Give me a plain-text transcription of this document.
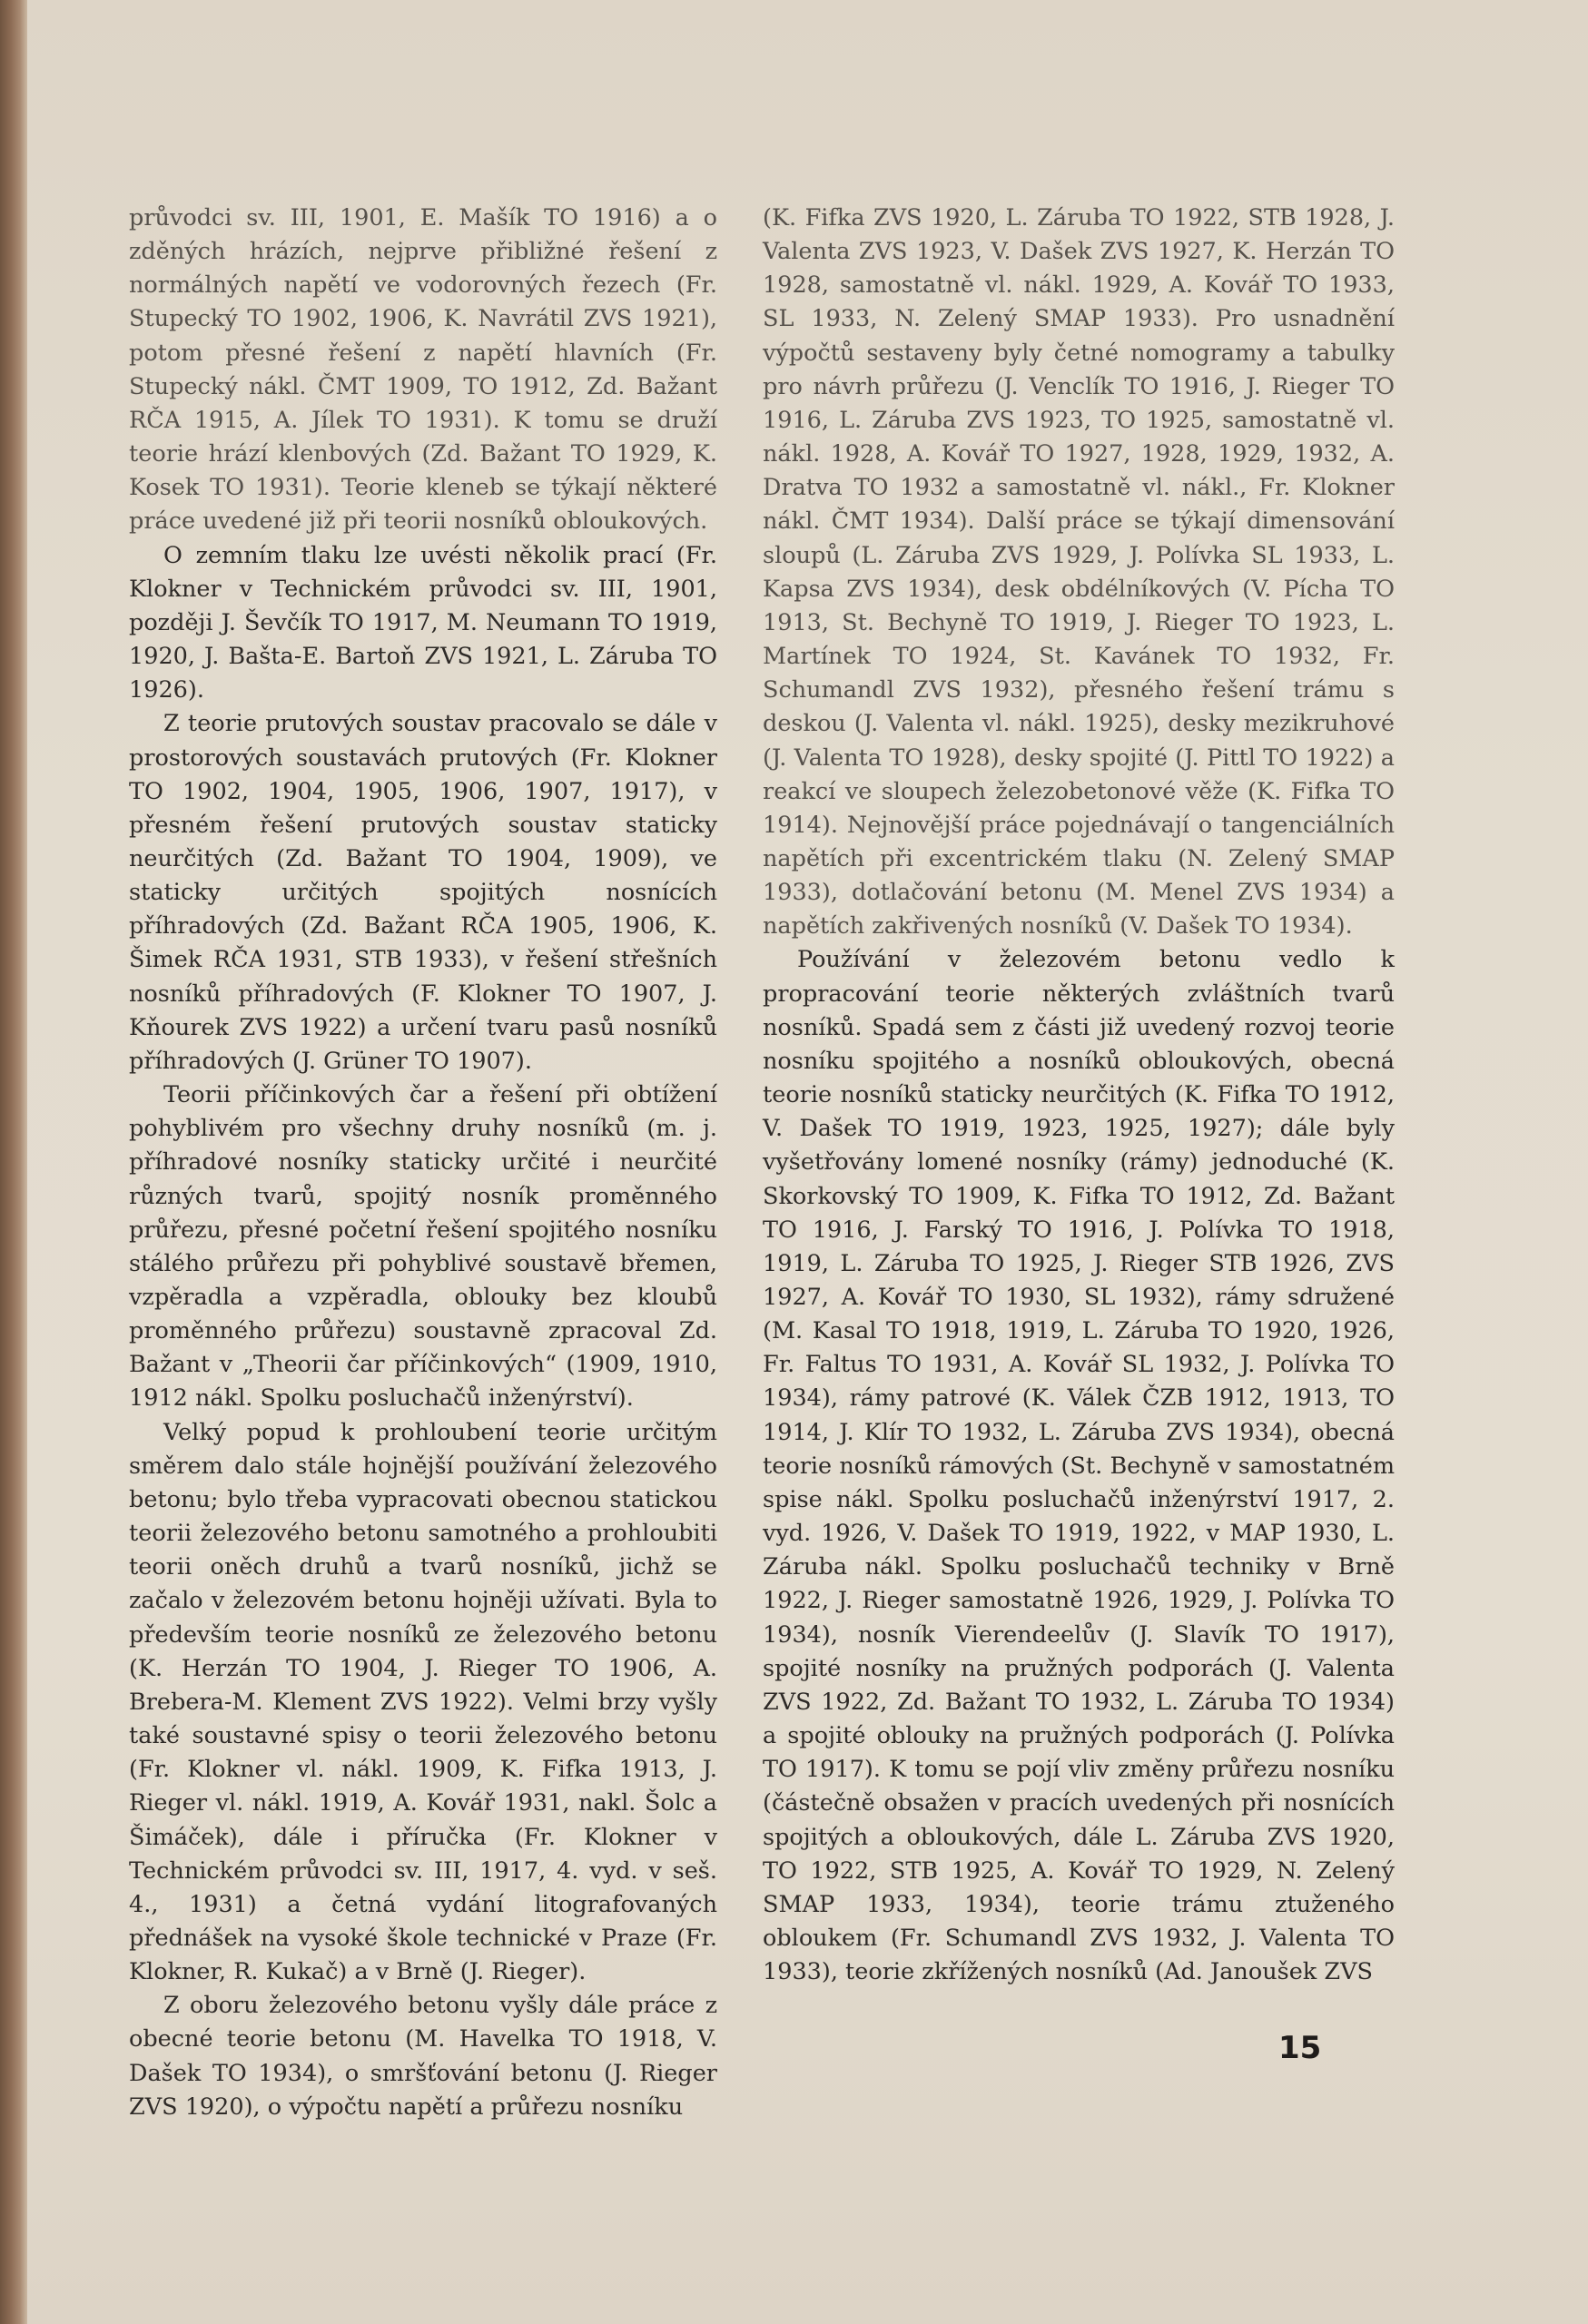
průvodci sv. III, 1901, E. Mašík TO 1916) a o zděných hrázích, nejprve přibližné řešení z normálných napětí ve vodorovných řezech (Fr. Stupecký TO 1902, 1906, K. Navrátil ZVS 1921), potom přesné řešení z napětí hlavních (Fr. Stupecký nákl. ČMT 1909, TO 1912, Zd. Bažant RČA 1915, A. Jílek TO 1931). K tomu se druží teorie hrází klenbových (Zd. Bažant TO 1929, K. Kosek TO 1931). Teorie kleneb se týkají některé práce uvedené již při teorii nosníků obloukových.

O zemním tlaku lze uvésti několik prací (Fr. Klokner v Technickém průvodci sv. III, 1901, později J. Ševčík TO 1917, M. Neumann TO 1919, 1920, J. Bašta-E. Bartoň ZVS 1921, L. Záruba TO 1926).

Z teorie prutových soustav pracovalo se dále v prostorových soustavách prutových (Fr. Klokner TO 1902, 1904, 1905, 1906, 1907, 1917), v přesném řešení prutových soustav staticky neurčitých (Zd. Bažant TO 1904, 1909), ve staticky určitých spojitých nosnících příhradových (Zd. Bažant RČA 1905, 1906, K. Šimek RČA 1931, STB 1933), v řešení střešních nosníků příhradových (F. Klokner TO 1907, J. Kňourek ZVS 1922) a určení tvaru pasů nosníků příhradových (J. Grüner TO 1907).

Teorii příčinkových čar a řešení při obtížení pohyblivém pro všechny druhy nosníků (m. j. příhradové nosníky staticky určité i neurčité různých tvarů, spojitý nosník proměnného průřezu, přesné početní řešení spojitého nosníku stálého průřezu při pohyblivé soustavě břemen, vzpěradla a vzpěradla, oblouky bez kloubů proměnného průřezu) soustavně zpracoval Zd. Bažant v „Theorii čar příčinkových“ (1909, 1910, 1912 nákl. Spolku posluchačů inženýrství).

Velký popud k prohloubení teorie určitým směrem dalo stále hojnější používání železového betonu; bylo třeba vypracovati obecnou statickou teorii železového betonu samotného a prohloubiti teorii oněch druhů a tvarů nosníků, jichž se začalo v železovém betonu hojněji užívati. Byla to především teorie nosníků ze železového betonu (K. Herzán TO 1904, J. Rieger TO 1906, A. Brebera-M. Klement ZVS 1922). Velmi brzy vyšly také soustavné spisy o teorii železového betonu (Fr. Klokner vl. nákl. 1909, K. Fifka 1913, J. Rieger vl. nákl. 1919, A. Kovář 1931, nakl. Šolc a Šimáček), dále i příručka (Fr. Klokner v Technickém průvodci sv. III, 1917, 4. vyd. v seš. 4., 1931) a četná vydání litografovaných přednášek na vysoké škole technické v Praze (Fr. Klokner, R. Kukač) a v Brně (J. Rieger).

Z oboru železového betonu vyšly dále práce z obecné teorie betonu (M. Havelka TO 1918, V. Dašek TO 1934), o smršťování betonu (J. Rieger ZVS 1920), o výpočtu napětí a průřezu nosníku

(K. Fifka ZVS 1920, L. Záruba TO 1922, STB 1928, J. Valenta ZVS 1923, V. Dašek ZVS 1927, K. Herzán TO 1928, samostatně vl. nákl. 1929, A. Kovář TO 1933, SL 1933, N. Zelený SMAP 1933). Pro usnadnění výpočtů sestaveny byly četné nomogramy a tabulky pro návrh průřezu (J. Venclík TO 1916, J. Rieger TO 1916, L. Záruba ZVS 1923, TO 1925, samostatně vl. nákl. 1928, A. Kovář TO 1927, 1928, 1929, 1932, A. Dratva TO 1932 a samostatně vl. nákl., Fr. Klokner nákl. ČMT 1934). Další práce se týkají dimensování sloupů (L. Záruba ZVS 1929, J. Polívka SL 1933, L. Kapsa ZVS 1934), desk obdélníkových (V. Pícha TO 1913, St. Bechyně TO 1919, J. Rieger TO 1923, L. Martínek TO 1924, St. Kavánek TO 1932, Fr. Schumandl ZVS 1932), přesného řešení trámu s deskou (J. Valenta vl. nákl. 1925), desky mezikruhové (J. Valenta TO 1928), desky spojité (J. Pittl TO 1922) a reakcí ve sloupech železobetonové věže (K. Fifka TO 1914). Nejnovější práce pojednávají o tangenciálních napětích při excentrickém tlaku (N. Zelený SMAP 1933), dotlačování betonu (M. Menel ZVS 1934) a napětích zakřivených nosníků (V. Dašek TO 1934).

Používání v železovém betonu vedlo k propracování teorie některých zvláštních tvarů nosníků. Spadá sem z části již uvedený rozvoj teorie nosníku spojitého a nosníků obloukových, obecná teorie nosníků staticky neurčitých (K. Fifka TO 1912, V. Dašek TO 1919, 1923, 1925, 1927); dále byly vyšetřovány lomené nosníky (rámy) jednoduché (K. Skorkovský TO 1909, K. Fifka TO 1912, Zd. Bažant TO 1916, J. Farský TO 1916, J. Polívka TO 1918, 1919, L. Záruba TO 1925, J. Rieger STB 1926, ZVS 1927, A. Kovář TO 1930, SL 1932), rámy sdružené (M. Kasal TO 1918, 1919, L. Záruba TO 1920, 1926, Fr. Faltus TO 1931, A. Kovář SL 1932, J. Polívka TO 1934), rámy patrové (K. Válek ČZB 1912, 1913, TO 1914, J. Klír TO 1932, L. Záruba ZVS 1934), obecná teorie nosníků rámových (St. Bechyně v samostatném spise nákl. Spolku posluchačů inženýrství 1917, 2. vyd. 1926, V. Dašek TO 1919, 1922, v MAP 1930, L. Záruba nákl. Spolku posluchačů techniky v Brně 1922, J. Rieger samostatně 1926, 1929, J. Polívka TO 1934), nosník Vierendeelův (J. Slavík TO 1917), spojité nosníky na pružných podporách (J. Valenta ZVS 1922, Zd. Bažant TO 1932, L. Záruba TO 1934) a spojité oblouky na pružných podporách (J. Polívka TO 1917). K tomu se pojí vliv změny průřezu nosníku (částečně obsažen v pracích uvedených při nosnících spojitých a obloukových, dále L. Záruba ZVS 1920, TO 1922, STB 1925, A. Kovář TO 1929, N. Zelený SMAP 1933, 1934), teorie trámu ztuženého obloukem (Fr. Schumandl ZVS 1932, J. Valenta TO 1933), teorie zkřížených nosníků (Ad. Janoušek ZVS

15
